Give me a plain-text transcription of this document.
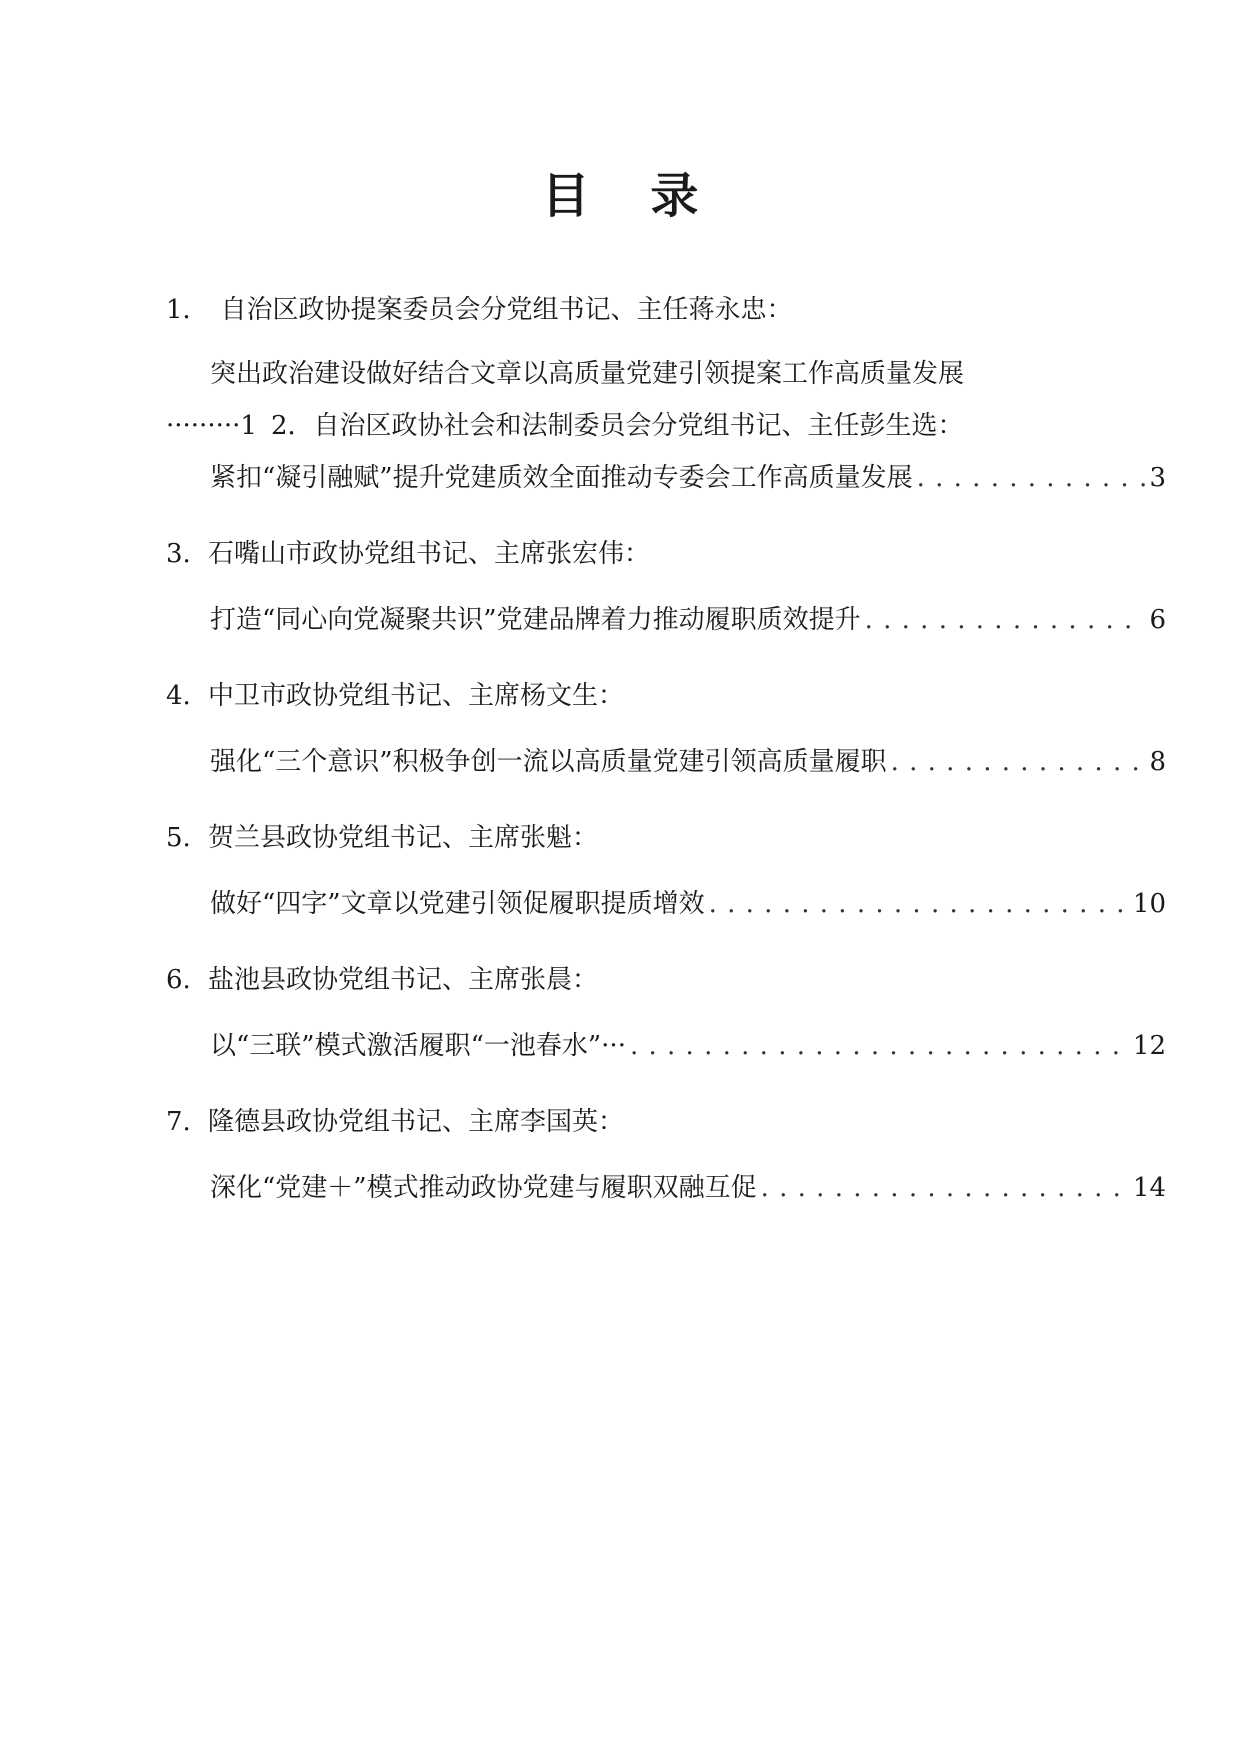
目 录
1． 自治区政协提案委员会分党组书记、主任蒋永忠：
突出政治建设做好结合文章以高质量党建引领提案工作高质量发展
·········1 2．自治区政协社会和法制委员会分党组书记、主任彭生选：
紧扣“凝引融赋”提升党建质效全面推动专委会工作高质量发展 . . .	3
3. 石嘴山市政协党组书记、主席张宏伟：
打造“同心向党凝聚共识”党建品牌着力推动履职质效提升 . . .	6
4. 中卫市政协党组书记、主席杨文生：
强化“三个意识”积极争创一流以高质量党建引领高质量履职 . . .	8
5. 贺兰县政协党组书记、主席张魁：
做好“四字”文章以党建引领促履职提质增效 . . .	10
6. 盐池县政协党组书记、主席张晨：
以“三联”模式激活履职“一池春水”··· . . .	12
7. 隆德县政协党组书记、主席李国英：
深化“党建＋”模式推动政协党建与履职双融互促 . . .	14
